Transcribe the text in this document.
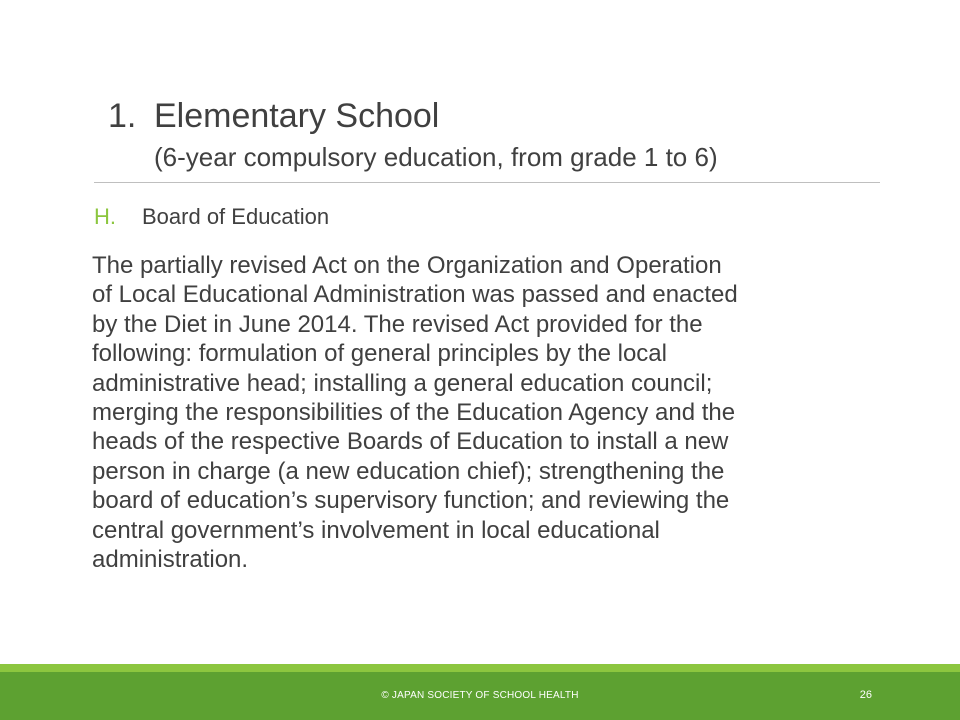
1. Elementary School
(6-year compulsory education, from grade 1 to 6)
H.	Board of Education
The partially revised Act on the Organization and Operation
of Local Educational Administration was passed and enacted
by the Diet in June 2014. The revised Act provided for the
following: formulation of general principles by the local
administrative head; installing a general education council;
merging the responsibilities of the Education Agency and the
heads of the respective Boards of Education to install a new
person in charge (a new education chief); strengthening the
board of education’s supervisory function; and reviewing the
central government’s involvement in local educational
administration.
© JAPAN SOCIETY OF SCHOOL HEALTH	26
